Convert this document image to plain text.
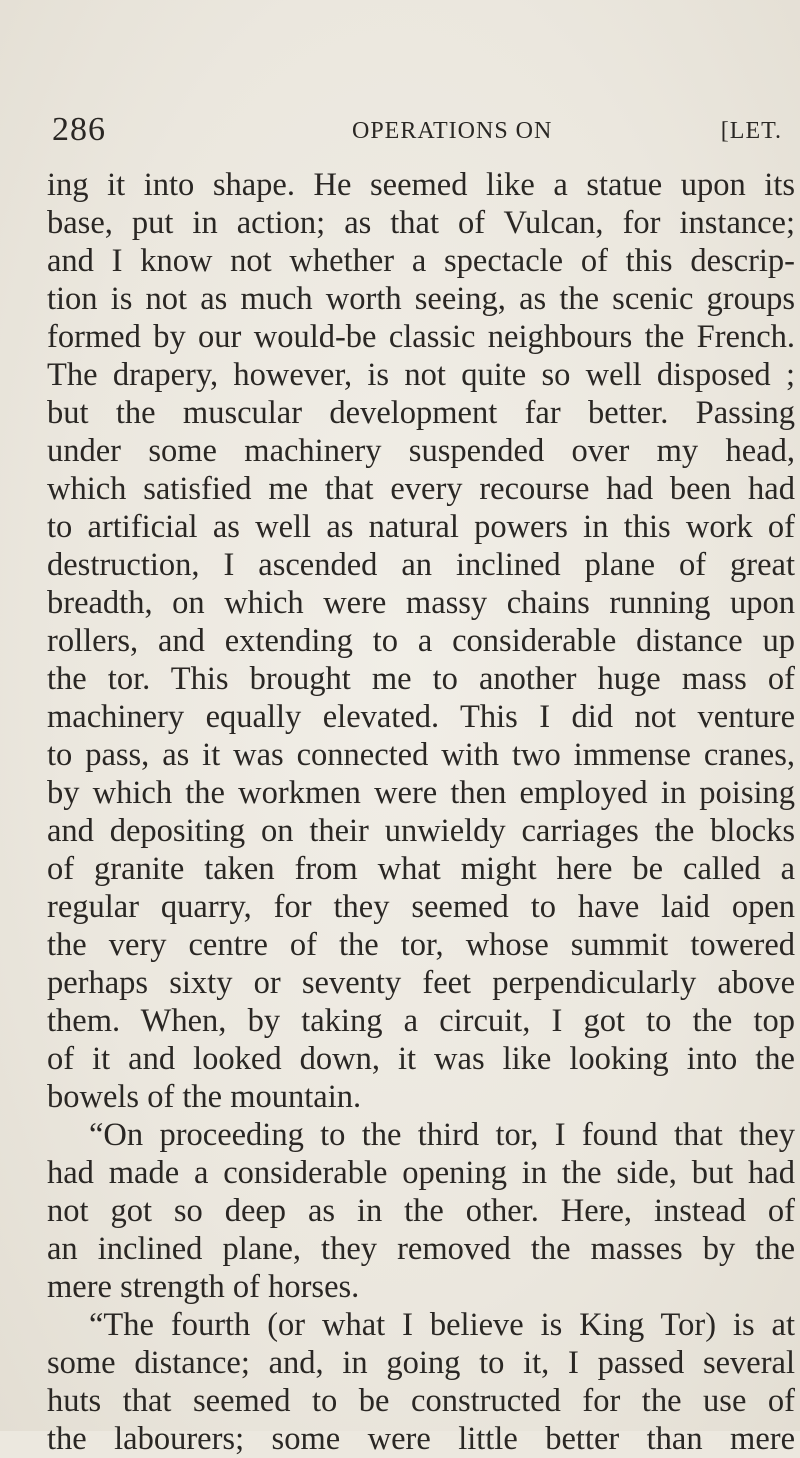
286	OPERATIONS ON	[LET.
ing it into shape. He seemed like a statue upon its
base, put in action; as that of Vulcan, for instance;
and I know not whether a spectacle of this descrip-
tion is not as much worth seeing, as the scenic groups
formed by our would-be classic neighbours the French.
The drapery, however, is not quite so well disposed ;
but the muscular development far better. Passing
under some machinery suspended over my head,
which satisfied me that every recourse had been had
to artificial as well as natural powers in this work of
destruction, I ascended an inclined plane of great
breadth, on which were massy chains running upon
rollers, and extending to a considerable distance up
the tor. This brought me to another huge mass of
machinery equally elevated. This I did not venture
to pass, as it was connected with two immense cranes,
by which the workmen were then employed in poising
and depositing on their unwieldy carriages the blocks
of granite taken from what might here be called a
regular quarry, for they seemed to have laid open
the very centre of the tor, whose summit towered
perhaps sixty or seventy feet perpendicularly above
them. When, by taking a circuit, I got to the top
of it and looked down, it was like looking into the
bowels of the mountain.
“On proceeding to the third tor, I found that they
had made a considerable opening in the side, but had
not got so deep as in the other. Here, instead of
an inclined plane, they removed the masses by the
mere strength of horses.
“The fourth (or what I believe is King Tor) is at
some distance; and, in going to it, I passed several
huts that seemed to be constructed for the use of
the labourers; some were little better than mere
